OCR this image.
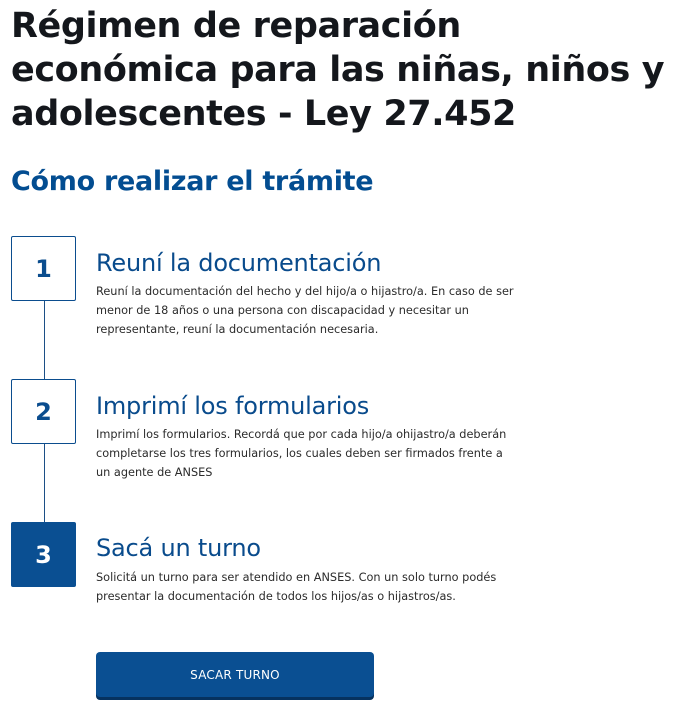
Régimen de reparación económica para las niñas, niños y adolescentes - Ley 27.452
Cómo realizar el trámite
1	Reuní la documentación

Reuní la documentación del hecho y del hijo/a o hijastro/a. En caso de ser menor de 18 años o una persona con discapacidad y necesitar un representante, reuní la documentación necesaria.

2	Imprimí los formularios

Imprimí los formularios. Recordá que por cada hijo/a ohijastro/a deberán completarse los tres formularios, los cuales deben ser firmados frente a un agente de ANSES

3	Sacá un turno

Solicitá un turno para ser atendido en ANSES. Con un solo turno podés presentar la documentación de todos los hijos/as o hijastros/as.

SACAR TURNO
